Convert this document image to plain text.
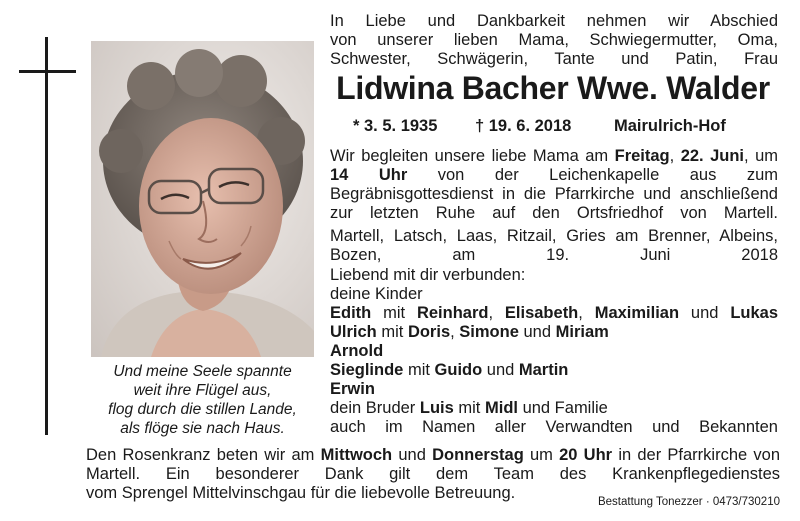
Und meine Seele spannte
weit ihre Flügel aus,
flog durch die stillen Lande,
als flöge sie nach Haus.
In Liebe und Dankbarkeit nehmen wir Abschied
von unserer lieben Mama, Schwiegermutter, Oma,
Schwester, Schwägerin, Tante und Patin, Frau
Lidwina Bacher Wwe. Walder
* 3. 5. 1935 † 19. 6. 2018	Mairulrich-Hof
Wir begleiten unsere liebe Mama am Freitag, 22. Juni, um 14 Uhr von der Leichenkapelle aus zum Begräbnisgottesdienst in die Pfarrkirche und anschließend zur letzten Ruhe auf den Ortsfriedhof von Martell.
Martell, Latsch, Laas, Ritzail, Gries am Brenner, Albeins, Bozen, am 19. Juni 2018
Liebend mit dir verbunden:
deine Kinder
Edith mit Reinhard, Elisabeth, Maximilian und Lukas
Ulrich mit Doris, Simone und Miriam
Arnold
Sieglinde mit Guido und Martin
Erwin
dein Bruder Luis mit Midl und Familie
auch im Namen aller Verwandten und Bekannten
Den Rosenkranz beten wir am Mittwoch und Donnerstag um 20 Uhr in der Pfarrkirche von Martell. Ein besonderer Dank gilt dem Team des Krankenpflegedienstes
vom Sprengel Mittelvinschgau für die liebevolle Betreuung.	Bestattung Tonezzer · 0473/730210
